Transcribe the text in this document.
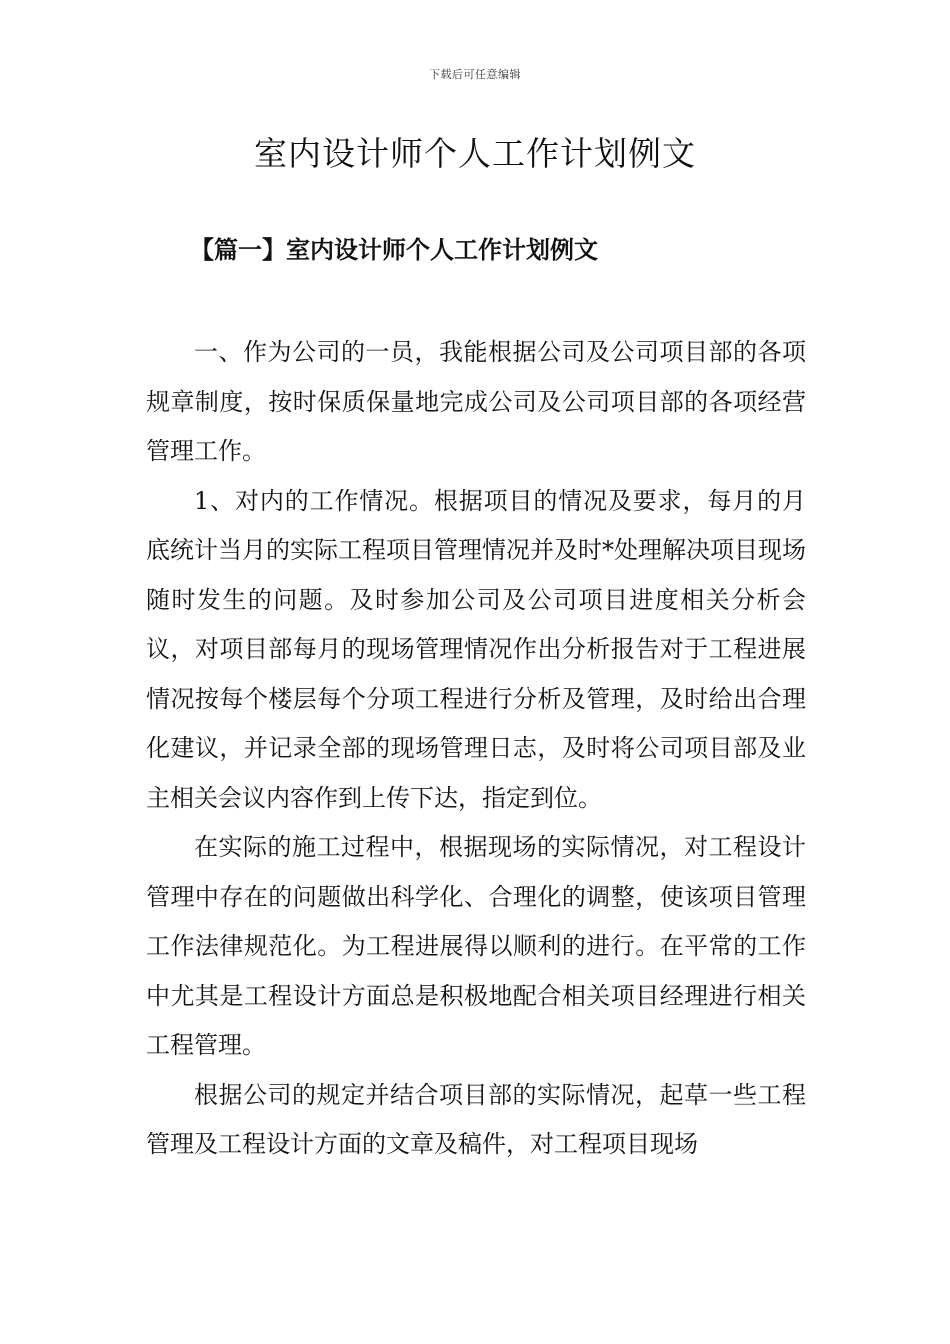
下载后可任意编辑
室内设计师个人工作计划例文
【篇一】室内设计师个人工作计划例文

一、作为公司的一员，我能根据公司及公司项目部的各项规章制度，按时保质保量地完成公司及公司项目部的各项经营管理工作。

1、对内的工作情况。根据项目的情况及要求，每月的月底统计当月的实际工程项目管理情况并及时*处理解决项目现场随时发生的问题。及时参加公司及公司项目进度相关分析会议，对项目部每月的现场管理情况作出分析报告对于工程进展情况按每个楼层每个分项工程进行分析及管理，及时给出合理化建议，并记录全部的现场管理日志，及时将公司项目部及业主相关会议内容作到上传下达，指定到位。

在实际的施工过程中，根据现场的实际情况，对工程设计管理中存在的问题做出科学化、合理化的调整，使该项目管理工作法律规范化。为工程进展得以顺利的进行。在平常的工作中尤其是工程设计方面总是积极地配合相关项目经理进行相关工程管理。

根据公司的规定并结合项目部的实际情况，起草一些工程管理及工程设计方面的文章及稿件，对工程项目现场
